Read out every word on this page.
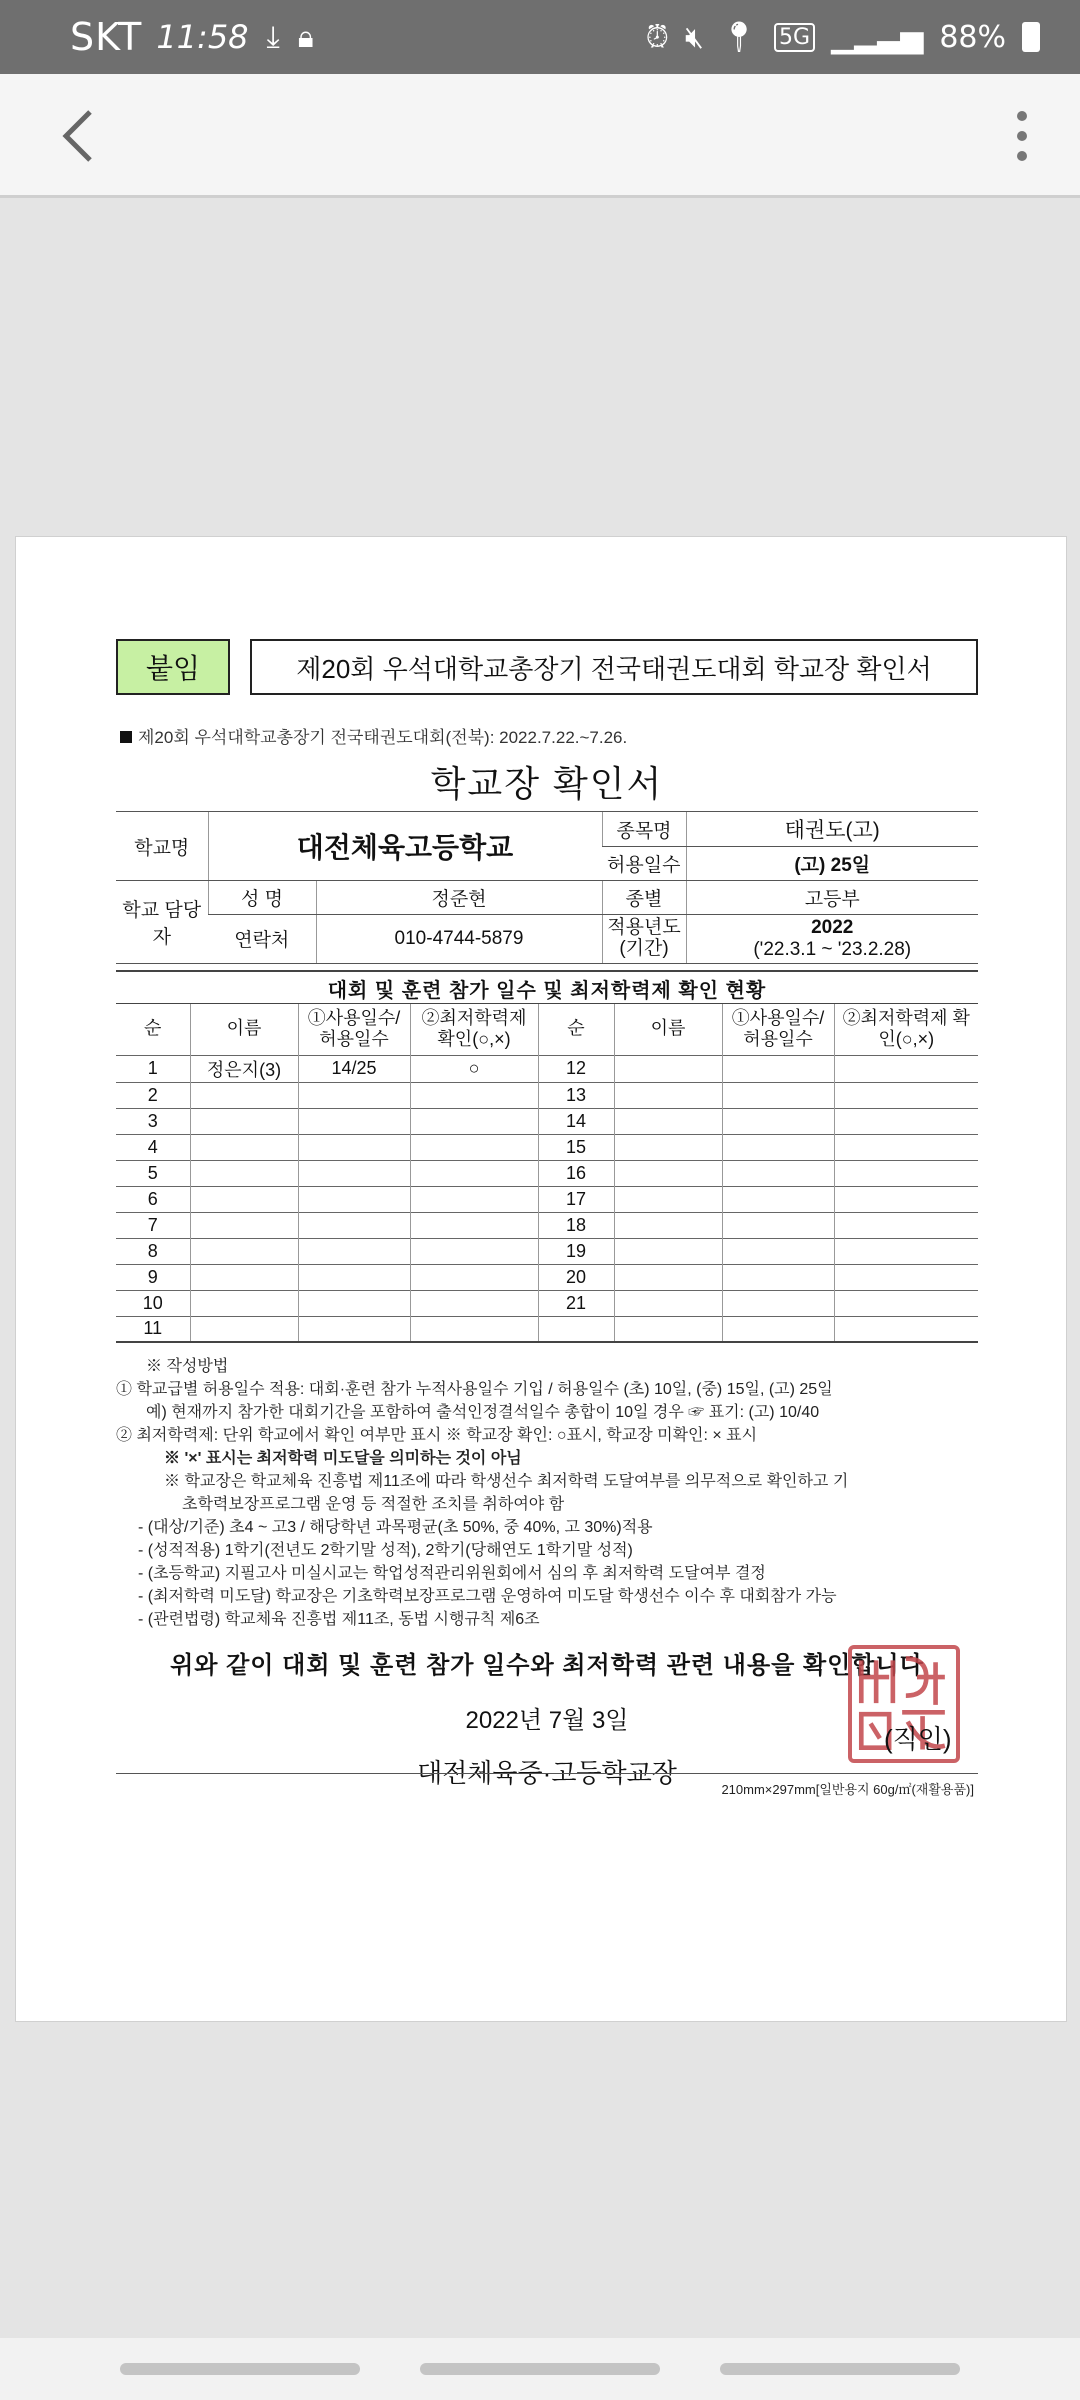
SKT 11:58 ⤓ 🔒︎	⏰︎ 🔇︎ 📍︎ 5G ▁▂▃▅ 88%
붙임	제20회 우석대학교총장기 전국태권도대회 학교장 확인서
제20회 우석대학교총장기 전국태권도대회(전북): 2022.7.22.~7.26.
학교장 확인서
학교명	대전체육고등학교		종목명	태권도(고)
			허용일수	(고) 25일
학교 담당자	성 명	정준현	종별	고등부
	연락처	010-4744-5879	적용년도 (기간)	2022
('22.3.1 ~ '23.2.28)
대회 및 훈련 참가 일수 및 최저학력제 확인 현황
순	이름	①사용일수/ 허용일수	②최저학력제 확인(○,×)	순	이름	①사용일수/ 허용일수	②최저학력제 확인(○,×)
1	정은지(3)	14/25	○	12			
2				13			
3				14			
4				15			
5				16			
6				17			
7				18			
8				19			
9				20			
10				21			
11							
※ 작성방법
① 학교급별 허용일수 적용: 대회·훈련 참가 누적사용일수 기입 / 허용일수 (초) 10일, (중) 15일, (고) 25일
예) 현재까지 참가한 대회기간을 포함하여 출석인정결석일수 총합이 10일 경우 ☞ 표기: (고) 10/40
② 최저학력제: 단위 학교에서 확인 여부만 표시 ※ 학교장 확인: ○표시, 학교장 미확인: × 표시
※ '×' 표시는 최저학력 미도달을 의미하는 것이 아님
※ 학교장은 학교체육 진흥법 제11조에 따라 학생선수 최저학력 도달여부를 의무적으로 확인하고 기
초학력보장프로그램 운영 등 적절한 조치를 취하여야 함
- (대상/기준) 초4 ~ 고3 / 해당학년 과목평균(초 50%, 중 40%, 고 30%)적용
- (성적적용) 1학기(전년도 2학기말 성적), 2학기(당해연도 1학기말 성적)
- (초등학교) 지필고사 미실시교는 학업성적관리위원회에서 심의 후 최저학력 도달여부 결정
- (최저학력 미도달) 학교장은 기초학력보장프로그램 운영하여 미도달 학생선수 이수 후 대회참가 가능
- (관련법령) 학교체육 진흥법 제11조, 동법 시행규칙 제6조
위와 같이 대회 및 훈련 참가 일수와 최저학력 관련 내용을 확인합니다
2022년 7월 3일
대전체육중·고등학교장
(직인)
210mm×297mm[일반용지 60g/㎡(재활용품)]
